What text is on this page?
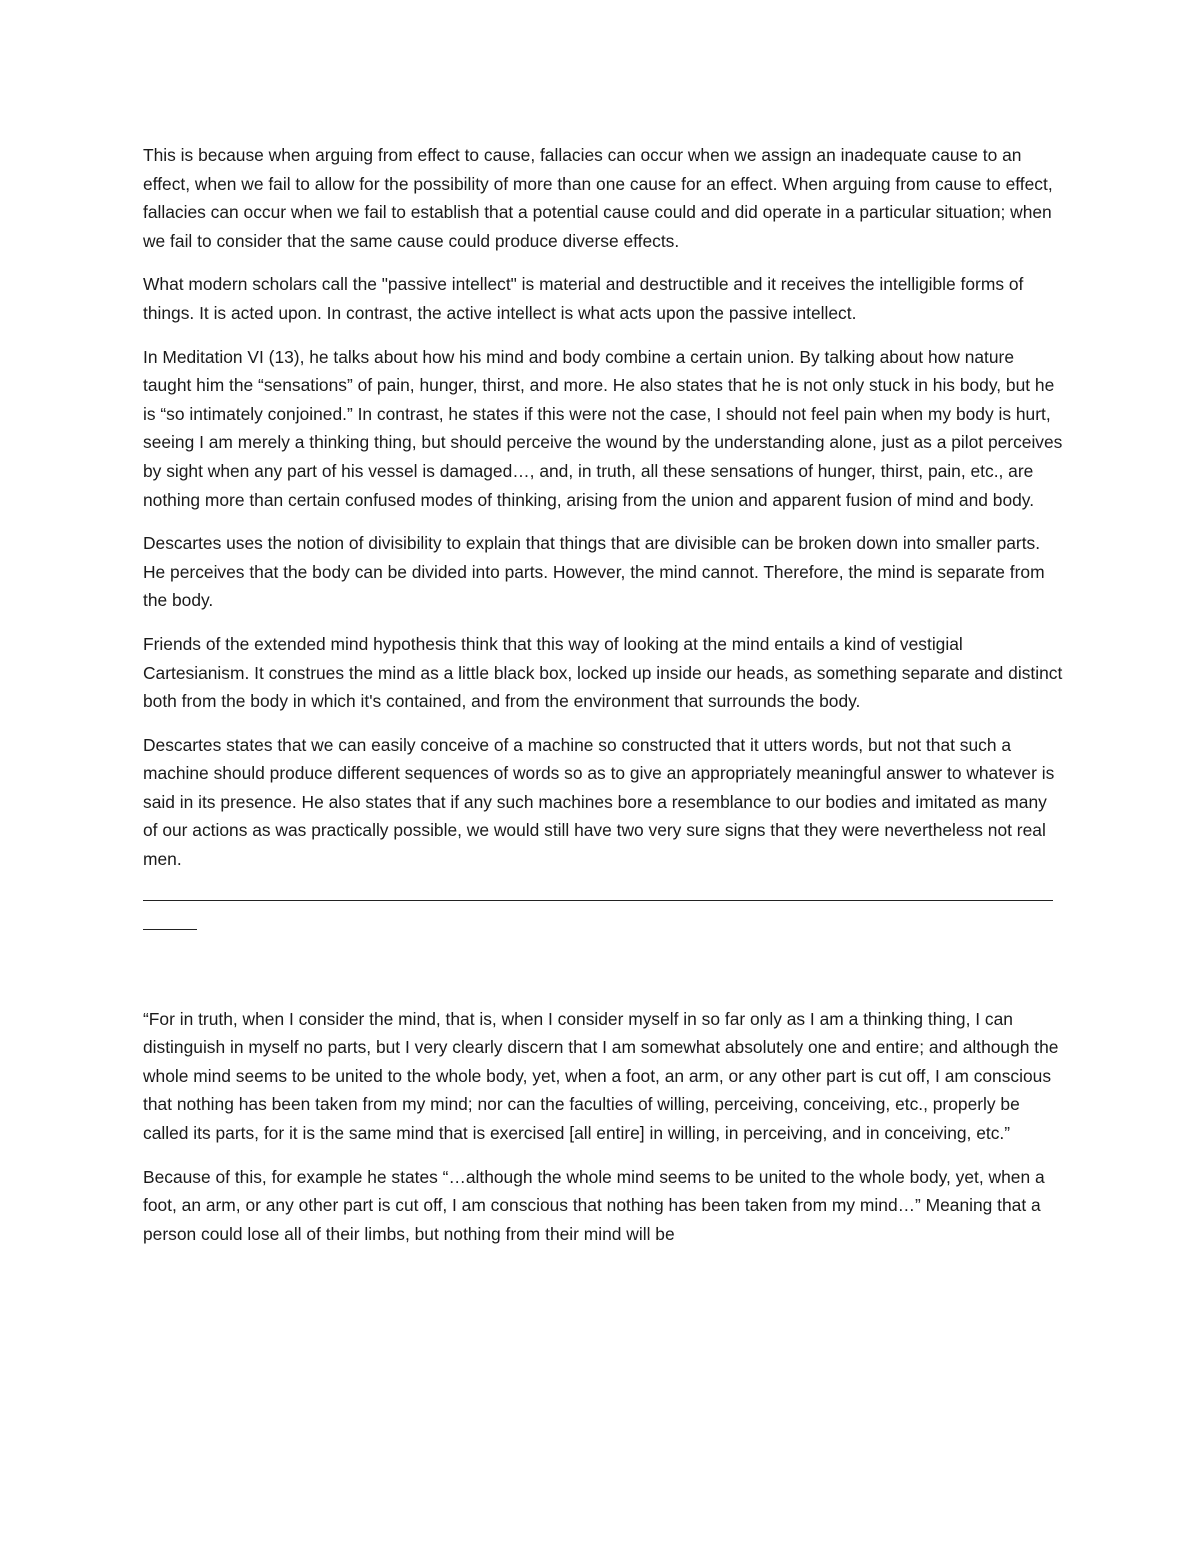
This is because when arguing from effect to cause, fallacies can occur when we assign an inadequate cause to an effect, when we fail to allow for the possibility of more than one cause for an effect. When arguing from cause to effect, fallacies can occur when we fail to establish that a potential cause could and did operate in a particular situation; when we fail to consider that the same cause could produce diverse effects.

What modern scholars call the "passive intellect" is material and destructible and it receives the intelligible forms of things. It is acted upon. In contrast, the active intellect is what acts upon the passive intellect.

In Meditation VI (13), he talks about how his mind and body combine a certain union. By talking about how nature taught him the “sensations” of pain, hunger, thirst, and more. He also states that he is not only stuck in his body, but he is “so intimately conjoined.” In contrast, he states if this were not the case, I should not feel pain when my body is hurt, seeing I am merely a thinking thing, but should perceive the wound by the understanding alone, just as a pilot perceives by sight when any part of his vessel is damaged…, and, in truth, all these sensations of hunger, thirst, pain, etc., are nothing more than certain confused modes of thinking, arising from the union and apparent fusion of mind and body.

Descartes uses the notion of divisibility to explain that things that are divisible can be broken down into smaller parts. He perceives that the body can be divided into parts. However, the mind cannot. Therefore, the mind is separate from the body.

Friends of the extended mind hypothesis think that this way of looking at the mind entails a kind of vestigial Cartesianism. It construes the mind as a little black box, locked up inside our heads, as something separate and distinct both from the body in which it's contained, and from the environment that surrounds the body.

Descartes states that we can easily conceive of a machine so constructed that it utters words, but not that such a machine should produce different sequences of words so as to give an appropriately meaningful answer to whatever is said in its presence. He also states that if any such machines bore a resemblance to our bodies and imitated as many of our actions as was practically possible, we would still have two very sure signs that they were nevertheless not real men.

“For in truth, when I consider the mind, that is, when I consider myself in so far only as I am a thinking thing, I can distinguish in myself no parts, but I very clearly discern that I am somewhat absolutely one and entire; and although the whole mind seems to be united to the whole body, yet, when a foot, an arm, or any other part is cut off, I am conscious that nothing has been taken from my mind; nor can the faculties of willing, perceiving, conceiving, etc., properly be called its parts, for it is the same mind that is exercised [all entire] in willing, in perceiving, and in conceiving, etc.”

Because of this, for example he states “…although the whole mind seems to be united to the whole body, yet, when a foot, an arm, or any other part is cut off, I am conscious that nothing has been taken from my mind…” Meaning that a person could lose all of their limbs, but nothing from their mind will be
